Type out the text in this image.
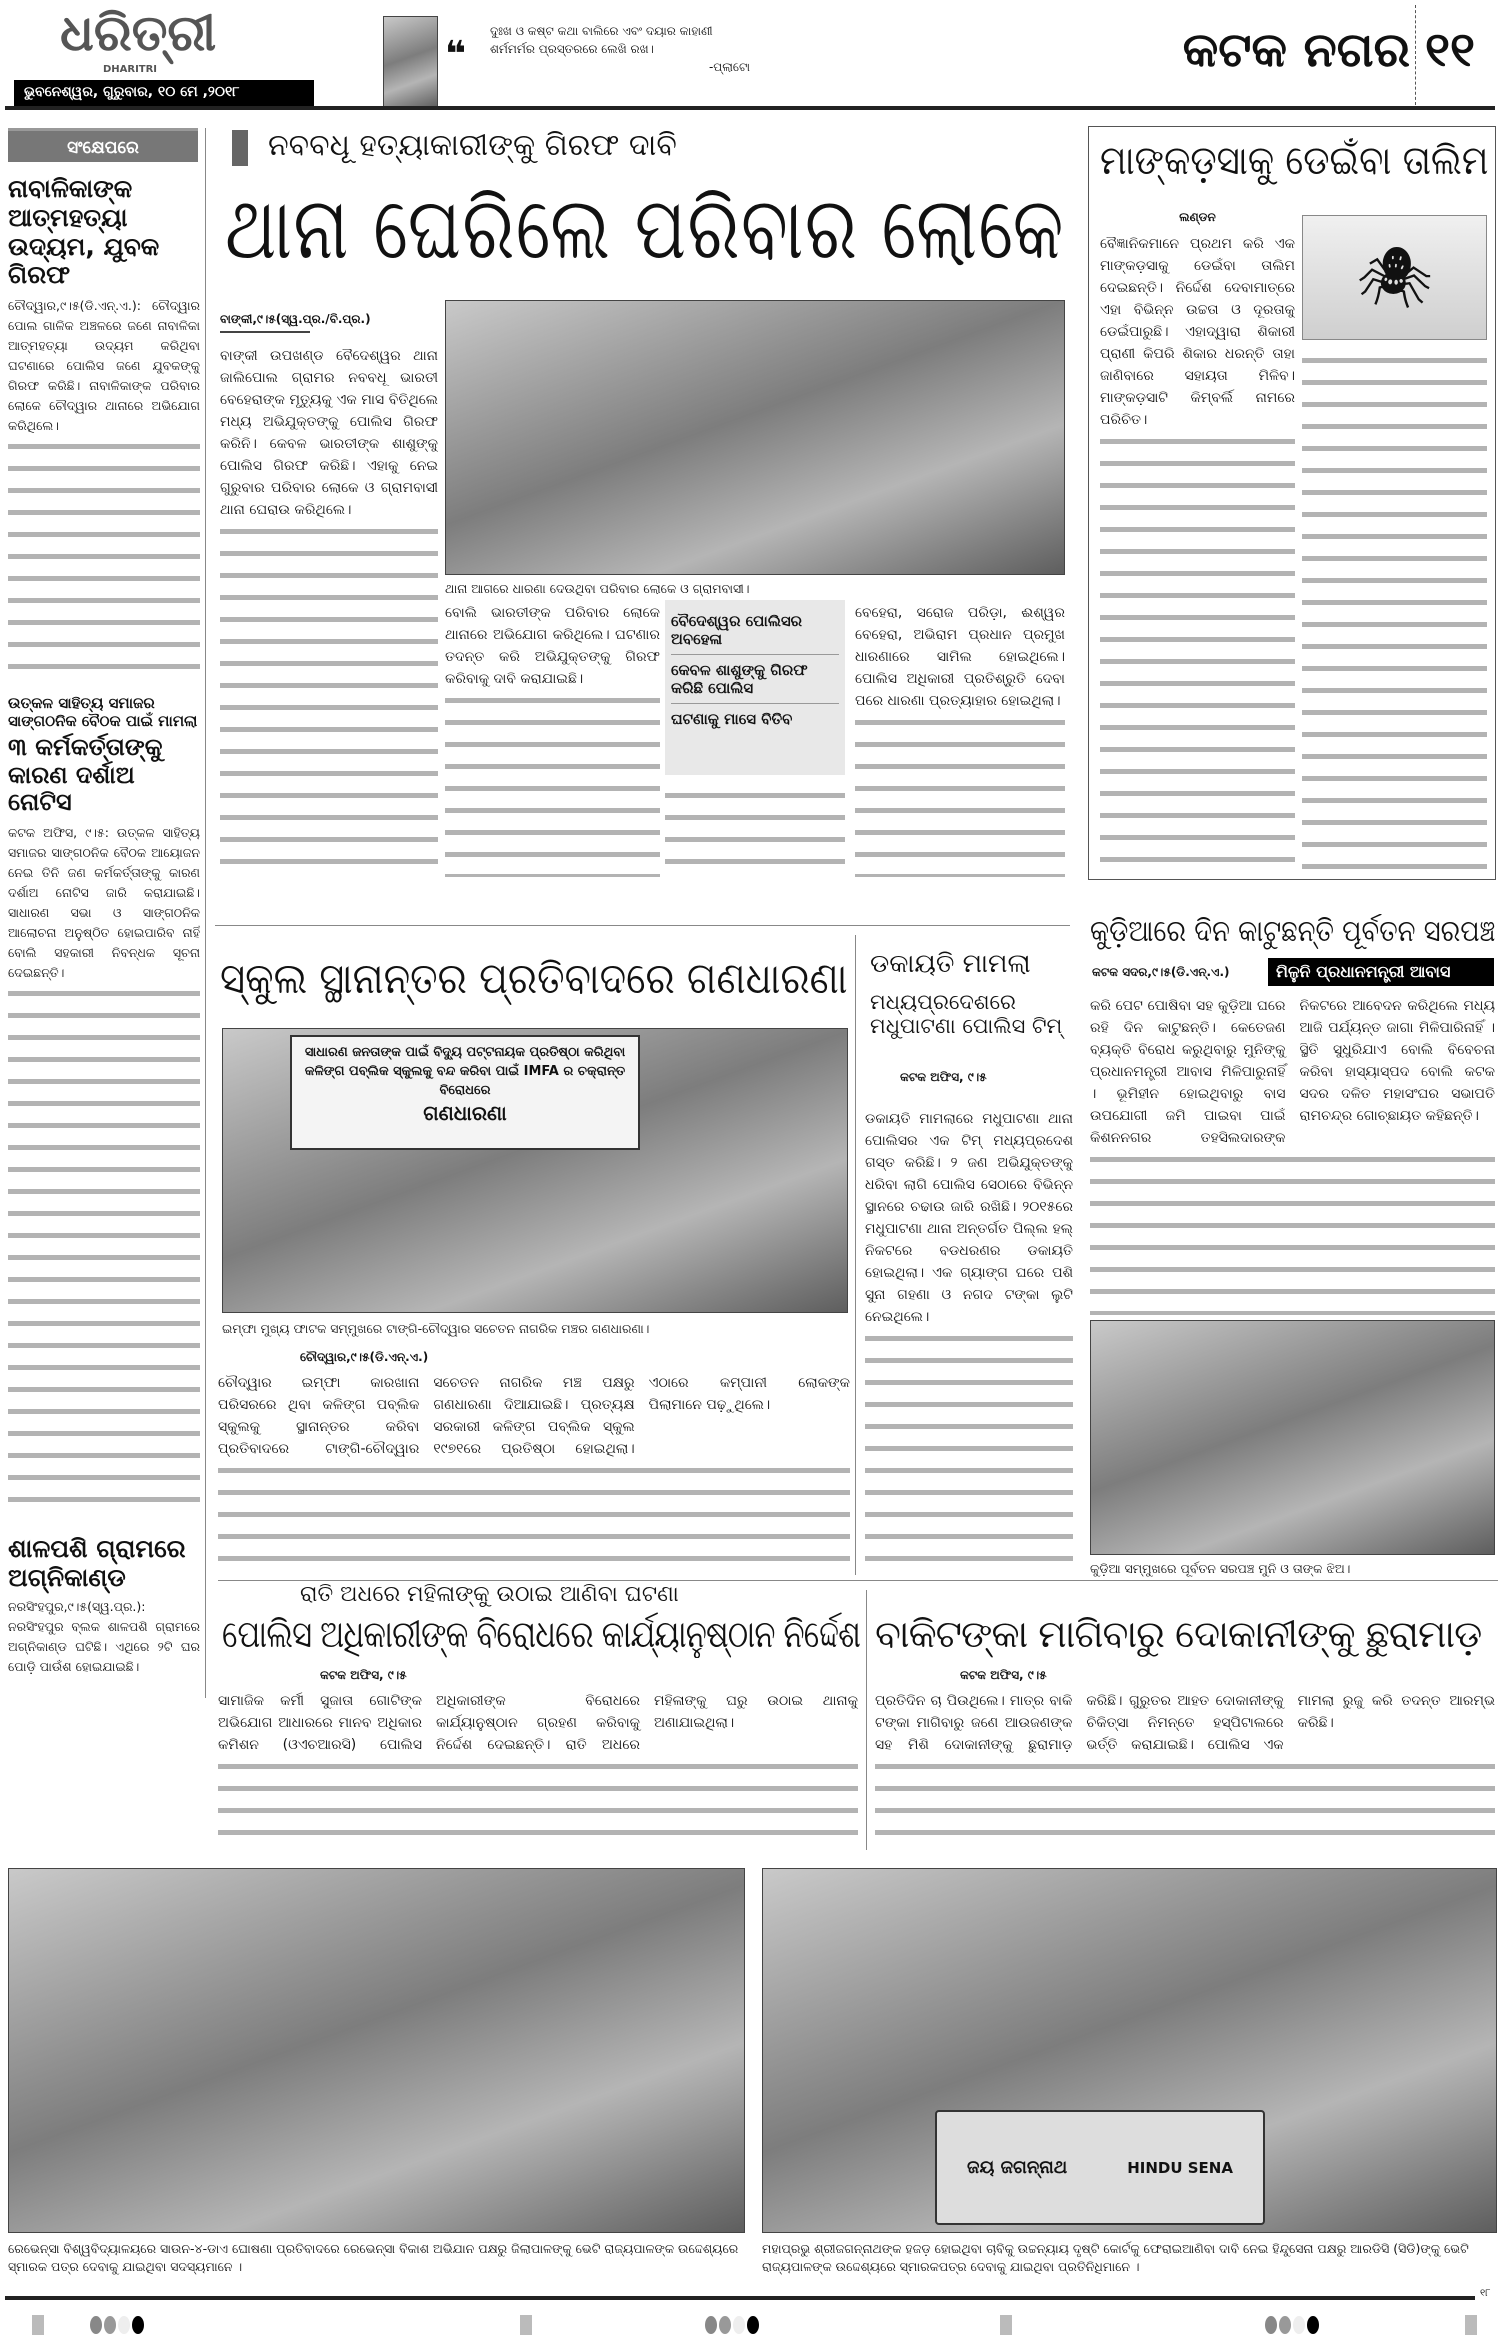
ଧରିତ୍ରୀ
DHARITRI
ଭୁବନେଶ୍ୱର, ଗୁରୁବାର, ୧୦ ମେ ,୨୦୧୮
❝
ଦୁଃଖ ଓ କଷ୍ଟ କଥା ବାଲିରେ ଏବଂ ଦୟାର କାହାଣୀ ଶର୍ମମର୍ମର ପ୍ରସ୍ତରରେ ଲେଖି ରଖ।
-ପ୍ଲାଟୋ	କଟକ ନଗର ୧୧
ସଂକ୍ଷେପରେ
ନାବାଳିକାଙ୍କ ଆତ୍ମହତ୍ୟା ଉଦ୍ୟମ, ଯୁବକ ଗିରଫ
ଚୌଦ୍ୱାର,୯।୫(ଡି.ଏନ୍.ଏ.): ଚୌଦ୍ୱାର ପୋଲ ଗାଳିକ ଅଞ୍ଚଳରେ ଜଣେ ନାବାଳିକା ଆତ୍ମହତ୍ୟା ଉଦ୍ୟମ କରିଥିବା ଘଟଣାରେ ପୋଲିସ ଜଣେ ଯୁବକଙ୍କୁ ଗିରଫ କରିଛି। ନାବାଳିକାଙ୍କ ପରିବାର ଲୋକେ ଚୌଦ୍ୱାର ଥାନାରେ ଅଭିଯୋଗ କରିଥିଲେ।
ଉତ୍କଳ ସାହିତ୍ୟ ସମାଜର ସାଙ୍ଗଠନିକ ବୈଠକ ପାଇଁ ମାମଲା
୩ କର୍ମକର୍ତ୍ତାଙ୍କୁ କାରଣ ଦର୍ଶାଅ ନୋଟିସ
କଟକ ଅଫିସ, ୯।୫: ଉତ୍କଳ ସାହିତ୍ୟ ସମାଜର ସାଙ୍ଗଠନିକ ବୈଠକ ଆୟୋଜନ ନେଇ ତିନି ଜଣ କର୍ମକର୍ତ୍ତାଙ୍କୁ କାରଣ ଦର୍ଶାଅ ନୋଟିସ ଜାରି କରାଯାଇଛି। ସାଧାରଣ ସଭା ଓ ସାଙ୍ଗଠନିକ ଆଲୋଚନା ଅନୁଷ୍ଠିତ ହୋଇପାରିବ ନାହିଁ ବୋଲି ସହକାରୀ ନିବନ୍ଧକ ସୂଚନା ଦେଇଛନ୍ତି।
ଶାଳପଶି ଗ୍ରାମରେ ଅଗ୍ନିକାଣ୍ଡ
ନରସିଂହପୁର,୯।୫(ସ୍ୱ.ପ୍ର.): ନରସିଂହପୁର ବ୍ଲକ ଶାଳପଶି ଗ୍ରାମରେ ଅଗ୍ନିକାଣ୍ଡ ଘଟିଛି। ଏଥିରେ ୨ଟି ଘର ପୋଡ଼ି ପାଉଁଶ ହୋଇଯାଇଛି।
ନବବଧୂ ହତ୍ୟାକାରୀଙ୍କୁ ଗିରଫ ଦାବି
ଥାନା ଘେରିଲେ ପରିବାର ଲୋକେ
ବାଙ୍କୀ,୯।୫(ସ୍ୱ.ପ୍ର./ବି.ପ୍ର.)
ବାଙ୍କୀ ଉପଖଣ୍ଡ ବୈଦେଶ୍ୱର ଥାନା ଜାଲିପୋଲ ଗ୍ରାମର ନବବଧୂ ଭାରତୀ ବେହେରାଙ୍କ ମୃତ୍ୟୁକୁ ଏକ ମାସ ବିତିଥିଲେ ମଧ୍ୟ ଅଭିଯୁକ୍ତଙ୍କୁ ପୋଲିସ ଗିରଫ କରିନି। କେବଳ ଭାରତୀଙ୍କ ଶାଶୁଙ୍କୁ ପୋଲିସ ଗିରଫ କରିଛି। ଏହାକୁ ନେଇ ଗୁରୁବାର ପରିବାର ଲୋକେ ଓ ଗ୍ରାମବାସୀ ଥାନା ଘେରାଉ କରିଥିଲେ।
ଥାନା ଆଗରେ ଧାରଣା ଦେଉଥିବା ପରିବାର ଲୋକେ ଓ ଗ୍ରାମବାସୀ।
ବୋଲି ଭାରତୀଙ୍କ ପରିବାର ଲୋକେ ଥାନାରେ ଅଭିଯୋଗ କରିଥିଲେ। ଘଟଣାର ତଦନ୍ତ କରି ଅଭିଯୁକ୍ତଙ୍କୁ ଗିରଫ କରିବାକୁ ଦାବି କରାଯାଇଛି।
ବୈଦେଶ୍ୱର ପୋଲିସର ଅବହେଳା
କେବଳ ଶାଶୁଙ୍କୁ ଗିରଫ କରିଛି ପୋଲିସ
ଘଟଣାକୁ ମାସେ ବିତିବ
ବେହେରା, ସରୋଜ ପରିଡ଼ା, ଈଶ୍ୱର ବେହେରା, ଅଭିରାମ ପ୍ରଧାନ ପ୍ରମୁଖ ଧାରଣାରେ ସାମିଲ ହୋଇଥିଲେ। ପୋଲିସ ଅଧିକାରୀ ପ୍ରତିଶ୍ରୁତି ଦେବା ପରେ ଧାରଣା ପ୍ରତ୍ୟାହାର ହୋଇଥିଲା।
ମାଙ୍କଡ଼ସାକୁ ଡେଇଁବା ତାଲିମ
ଲଣ୍ଡନ
ବୈଜ୍ଞାନିକମାନେ ପ୍ରଥମ କରି ଏକ ମାଙ୍କଡ଼ସାକୁ ଡେଇଁବା ତାଲିମ ଦେଇଛନ୍ତି। ନିର୍ଦ୍ଦେଶ ଦେବାମାତ୍ରେ ଏହା ବିଭିନ୍ନ ଉଚ୍ଚତା ଓ ଦୂରତାକୁ ଡେଇଁପାରୁଛି। ଏହାଦ୍ୱାରା ଶିକାରୀ ପ୍ରାଣୀ କିପରି ଶିକାର ଧରନ୍ତି ତାହା ଜାଣିବାରେ ସହାୟତା ମିଳିବ। ମାଙ୍କଡ଼ସାଟି କିମ୍ବର୍ଲି ନାମରେ ପରିଚିତ।
🕷
କୁଡ଼ିଆରେ ଦିନ କାଟୁଛନ୍ତି ପୂର୍ବତନ ସରପଞ୍ଚ
କଟକ ସଦର,୯।୫(ଡି.ଏନ୍.ଏ.)	ମିଳୁନି ପ୍ରଧାନମନ୍ତ୍ରୀ ଆବାସ
କରି ପେଟ ପୋଷିବା ସହ କୁଡ଼ିଆ ଘରେ ରହି ଦିନ କାଟୁଛନ୍ତି। କେତେଜଣ ବ୍ୟକ୍ତି ବିରୋଧ କରୁଥିବାରୁ ମୁନିଙ୍କୁ ପ୍ରଧାନମନ୍ତ୍ରୀ ଆବାସ ମିଳିପାରୁନାହିଁ । ଭୂମିହୀନ ହୋଇଥିବାରୁ ବାସ ଉପଯୋଗୀ ଜମି ପାଇବା ପାଇଁ କିଶନନଗର ତହସିଲଦାରଙ୍କ ନିକଟରେ ଆବେଦନ କରିଥିଲେ ମଧ୍ୟ ଆଜି ପର୍ଯ୍ୟନ୍ତ ଜାଗା ମିଳିପାରିନାହିଁ । ସ୍ଥିତି ସୁଧୁରିଯାଏ ବୋଲି ବିବେଚନା କରିବା ହାସ୍ୟାସ୍ପଦ ବୋଲି କଟକ ସଦର ଦଳିତ ମହାସଂଘର ସଭାପତି ରାମଚନ୍ଦ୍ର ଗୋଚ୍ଛାୟତ କହିଛନ୍ତି।
କୁଡ଼ିଆ ସମ୍ମୁଖରେ ପୂର୍ବତନ ସରପଞ୍ଚ ମୁନି ଓ ତାଙ୍କ ଝିଅ।
ସ୍କୁଲ ସ୍ଥାନାନ୍ତର ପ୍ରତିବାଦରେ ଗଣଧାରଣା
ସାଧାରଣ ଜନତାଙ୍କ ପାଇଁ ବିଦ୍ୟୁ ପଟ୍ଟନାୟକ ପ୍ରତିଷ୍ଠା କରିଥିବା କଳିଙ୍ଗ ପବ୍ଲିକ ସ୍କୁଲକୁ ବନ୍ଦ କରିବା ପାଇଁ IMFA ର ଚକ୍ରାନ୍ତ ବିରୋଧରେ
ଗଣଧାରଣା
ଇମ୍ଫା ମୁଖ୍ୟ ଫାଟକ ସମ୍ମୁଖରେ ଟାଙ୍ଗି-ଚୌଦ୍ୱାର ସଚେତନ ନାଗରିକ ମଞ୍ଚର ଗଣଧାରଣା।
ଚୌଦ୍ୱାର,୯।୫(ଡି.ଏନ୍.ଏ.)
ଚୌଦ୍ୱାର ଇମ୍ଫା କାରଖାନା ପରିସରରେ ଥିବା କଳିଙ୍ଗ ପବ୍ଲିକ ସ୍କୁଲକୁ ସ୍ଥାନାନ୍ତର କରିବା ପ୍ରତିବାଦରେ ଟାଙ୍ଗି-ଚୌଦ୍ୱାର ସଚେତନ ନାଗରିକ ମଞ୍ଚ ପକ୍ଷରୁ ଗଣଧାରଣା ଦିଆଯାଇଛି। ପ୍ରତ୍ୟକ୍ଷ ସରକାରୀ କଳିଙ୍ଗ ପବ୍ଲିକ ସ୍କୁଲ ୧୯୭୧ରେ ପ୍ରତିଷ୍ଠା ହୋଇଥିଲା। ଏଠାରେ କମ୍ପାନୀ ଲୋକଙ୍କ ପିଲାମାନେ ପଢ଼ୁଥିଲେ।
ଡକାୟତି ମାମଲା
ମଧ୍ୟପ୍ରଦେଶରେ ମଧୁପାଟଣା ପୋଲିସ ଟିମ୍
କଟକ ଅଫିସ, ୯।୫
ଡକାୟତି ମାମଲାରେ ମଧୁପାଟଣା ଥାନା ପୋଲିସର ଏକ ଟିମ୍ ମଧ୍ୟପ୍ରଦେଶ ଗସ୍ତ କରିଛି। ୨ ଜଣ ଅଭିଯୁକ୍ତଙ୍କୁ ଧରିବା ଲାଗି ପୋଲିସ ସେଠାରେ ବିଭିନ୍ନ ସ୍ଥାନରେ ଚଢାଉ ଜାରି ରଖିଛି। ୨୦୧୫ରେ ମଧୁପାଟଣା ଥାନା ଅନ୍ତର୍ଗତ ପିଲ୍ଲ ହଲ୍ ନିକଟରେ ବଡଧରଣର ଡକାୟତି ହୋଇଥିଲା। ଏକ ଗ୍ୟାଙ୍ଗ ଘରେ ପଶି ସୁନା ଗହଣା ଓ ନଗଦ ଟଙ୍କା ଲୁଟି ନେଇଥିଲେ।
ରାତି ଅଧରେ ମହିଳାଙ୍କୁ ଉଠାଇ ଆଣିବା ଘଟଣା
ପୋଲିସ ଅଧିକାରୀଙ୍କ ବିରୋଧରେ କାର୍ଯ୍ୟାନୁଷ୍ଠାନ ନିର୍ଦ୍ଦେଶ
କଟକ ଅଫିସ, ୯।୫
ସାମାଜିକ କର୍ମୀ ସୁଜାତା ଗୋଟିଙ୍କ ଅଭିଯୋଗ ଆଧାରରେ ମାନବ ଅଧିକାର କମିଶନ (ଓଏଚଆରସି) ପୋଲିସ ଅଧିକାରୀଙ୍କ ବିରୋଧରେ କାର୍ଯ୍ୟାନୁଷ୍ଠାନ ଗ୍ରହଣ କରିବାକୁ ନିର୍ଦ୍ଦେଶ ଦେଇଛନ୍ତି। ରାତି ଅଧରେ ମହିଳାଙ୍କୁ ଘରୁ ଉଠାଇ ଥାନାକୁ ଅଣାଯାଇଥିଲା।
ବାକିଟଙ୍କା ମାଗିବାରୁ ଦୋକାନୀଙ୍କୁ ଛୁରାମାଡ଼
କଟକ ଅଫିସ, ୯।୫
ପ୍ରତିଦିନ ଚା ପିଉଥିଲେ। ମାତ୍ର ବାକି ଟଙ୍କା ମାଗିବାରୁ ଜଣେ ଆଉଜଣଙ୍କ ସହ ମିଶି ଦୋକାନୀଙ୍କୁ ଛୁରାମାଡ଼ କରିଛି। ଗୁରୁତର ଆହତ ଦୋକାନୀଙ୍କୁ ଚିକିତ୍ସା ନିମନ୍ତେ ହସ୍ପିଟାଲରେ ଭର୍ତ୍ତି କରାଯାଇଛି। ପୋଲିସ ଏକ ମାମଲା ରୁଜୁ କରି ତଦନ୍ତ ଆରମ୍ଭ କରିଛି।
ରେଭେନ୍ସା ବିଶ୍ୱବିଦ୍ୟାଳୟରେ ସାଉନ-୪-ଡାଏ ଘୋଷଣା ପ୍ରତିବାଦରେ ରେଭେନ୍ସା ବିକାଶ ଅଭିଯାନ ପକ୍ଷରୁ ଜିଲାପାଳଙ୍କୁ ଭେଟି ରାଜ୍ୟପାଳଙ୍କ ଉଦ୍ଦେଶ୍ୟରେ ସ୍ମାରକ ପତ୍ର ଦେବାକୁ ଯାଇଥିବା ସଦସ୍ୟମାନେ ।
ଜୟ ଜଗନ୍ନାଥ	HINDU SENA
ମହାପ୍ରଭୁ ଶ୍ରୀଜଗନ୍ନାଥଙ୍କ ହଜଡ଼ ହୋଇଥିବା ଚାବିକୁ ଉଚ୍ଚନ୍ୟାୟ ଦୃଷ୍ଟି କୋର୍ଟକୁ ଫେରାଇଆଣିବା ଦାବି ନେଇ ହିନ୍ଦୁସେନା ପକ୍ଷରୁ ଆରଡିସି (ସିଡି)ଙ୍କୁ ଭେଟି ରାଜ୍ୟପାଳଙ୍କ ଉଦ୍ଦେଶ୍ୟରେ ସ୍ମାରକପତ୍ର ଦେବାକୁ ଯାଇଥିବା ପ୍ରତିନିଧିମାନେ ।
୧୮
